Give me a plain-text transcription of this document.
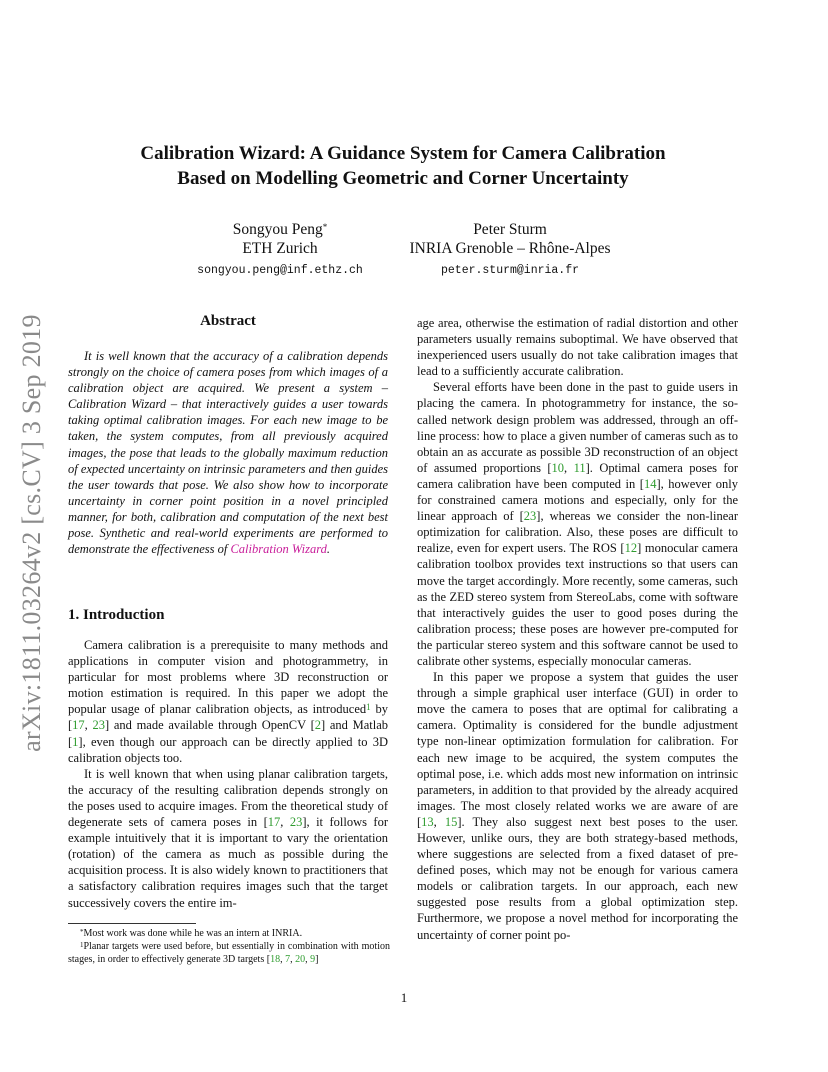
arXiv:1811.03264v2 [cs.CV] 3 Sep 2019
Calibration Wizard: A Guidance System for Camera Calibration
Based on Modelling Geometric and Corner Uncertainty
Songyou Peng*
ETH Zurich
songyou.peng@inf.ethz.ch
Peter Sturm
INRIA Grenoble – Rhône-Alpes
peter.sturm@inria.fr
Abstract
It is well known that the accuracy of a calibration depends strongly on the choice of camera poses from which images of a calibration object are acquired. We present a system – Calibration Wizard – that interactively guides a user towards taking optimal calibration images. For each new image to be taken, the system computes, from all previously acquired images, the pose that leads to the globally maximum reduction of expected uncertainty on intrinsic parameters and then guides the user towards that pose. We also show how to incorporate uncertainty in corner point position in a novel principled manner, for both, calibration and computation of the next best pose. Synthetic and real-world experiments are performed to demonstrate the effectiveness of Calibration Wizard.
1. Introduction

Camera calibration is a prerequisite to many methods and applications in computer vision and photogrammetry, in particular for most problems where 3D reconstruction or motion estimation is required. In this paper we adopt the popular usage of planar calibration objects, as introduced$^1$ by [17, 23] and made available through OpenCV [2] and Matlab [1], even though our approach can be directly applied to 3D calibration objects too.

It is well known that when using planar calibration targets, the accuracy of the resulting calibration depends strongly on the poses used to acquire images. From the theoretical study of degenerate sets of camera poses in [17, 23], it follows for example intuitively that it is important to vary the orientation (rotation) of the camera as much as possible during the acquisition process. It is also widely known to practitioners that a satisfactory calibration requires images such that the target successively covers the entire im-

age area, otherwise the estimation of radial distortion and other parameters usually remains suboptimal. We have observed that inexperienced users usually do not take calibration images that lead to a sufficiently accurate calibration.

Several efforts have been done in the past to guide users in placing the camera. In photogrammetry for instance, the so-called network design problem was addressed, through an off-line process: how to place a given number of cameras such as to obtain an as accurate as possible 3D reconstruction of an object of assumed proportions [10, 11]. Optimal camera poses for camera calibration have been computed in [14], however only for constrained camera motions and especially, only for the linear approach of [23], whereas we consider the non-linear optimization for calibration. Also, these poses are difficult to realize, even for expert users. The ROS [12] monocular camera calibration toolbox provides text instructions so that users can move the target accordingly. More recently, some cameras, such as the ZED stereo system from StereoLabs, come with software that interactively guides the user to good poses during the calibration process; these poses are however pre-computed for the particular stereo system and this software cannot be used to calibrate other systems, especially monocular cameras.

In this paper we propose a system that guides the user through a simple graphical user interface (GUI) in order to move the camera to poses that are optimal for calibrating a camera. Optimality is considered for the bundle adjustment type non-linear optimization formulation for calibration. For each new image to be acquired, the system computes the optimal pose, i.e. which adds most new information on intrinsic parameters, in addition to that provided by the already acquired images. The most closely related works we are aware of are [13, 15]. They also suggest next best poses to the user. However, unlike ours, they are both strategy-based methods, where suggestions are selected from a fixed dataset of pre-defined poses, which may not be enough for various camera models or calibration targets. In our approach, each new suggested pose results from a global optimization step. Furthermore, we propose a novel method for incorporating the uncertainty of corner point po-

*Most work was done while he was an intern at INRIA.

$^1$Planar targets were used before, but essentially in combination with motion stages, in order to effectively generate 3D targets [18, 7, 20, 9]

1
